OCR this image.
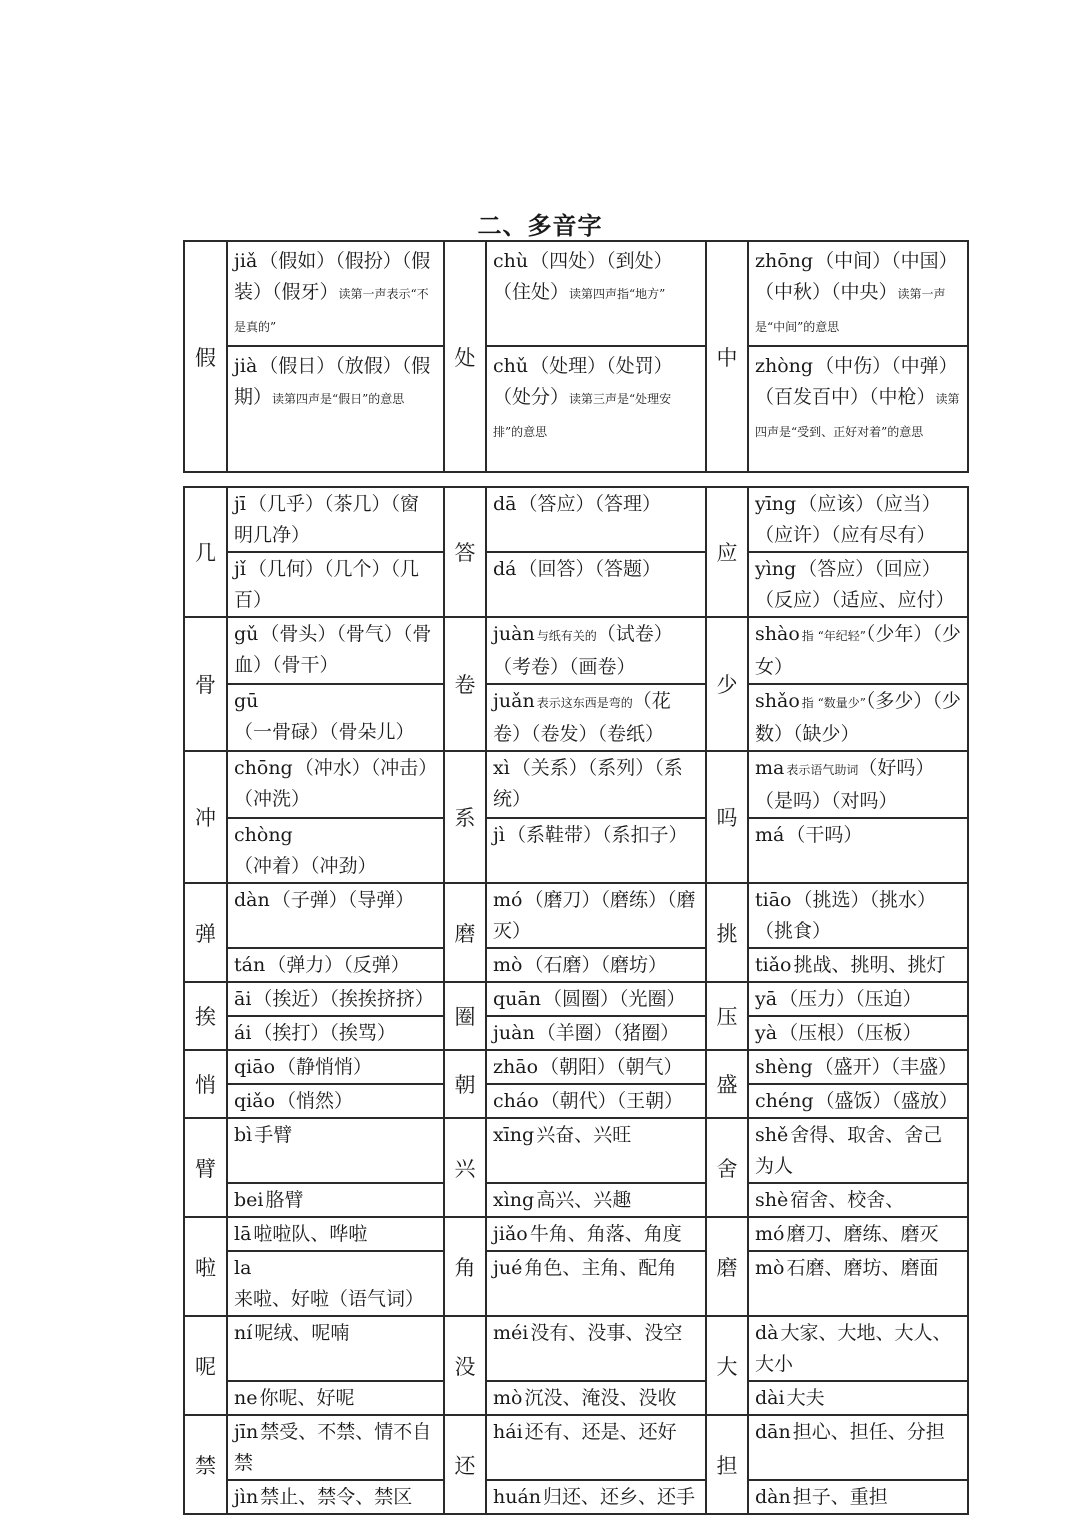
二、多音字
假	jiǎ （假如）（假扮）（假装）（假牙）读第一声表示“不是真的”	处	chù （四处）（到处）（住处）读第四声指“地方”	中	zhōng （中间）（中国）（中秋）（中央）读第一声是“中间”的意思
	jià （假日）（放假）（假期）读第四声是“假日”的意思		chǔ （处理）（处罚）（处分）读第三声是“处理安排”的意思		zhòng （中伤）（中弹）（百发百中）（中枪）读第四声是“受到、正好对着”的意思
几	jī （几乎）（茶几）（窗明几净）	答	dā （答应）（答理）	应	yīng （应该）（应当）（应许）（应有尽有）
	jǐ （几何）（几个）（几百）		dá （回答）（答题）		yìng （答应）（回应）（反应）（适应、应付）
骨	gǔ （骨头）（骨气）（骨血）（骨干）	卷	juàn 与纸有关的（试卷）（考卷）（画卷）	少	shào 指 “年纪轻”（少年）（少女）
	gū（一骨碌）（骨朵儿）		juǎn 表示这东西是弯的（花卷）（卷发）（卷纸）		shǎo 指 “数量少”（多少）（少数）（缺少）
冲	chōng （冲水）（冲击）（冲洗）	系	xì （关系）（系列）（系统）	吗	ma 表示语气助词（好吗）（是吗）（对吗）
	chòng（冲着）（冲劲）		jì （系鞋带）（系扣子）		má （干吗）
弹	dàn （子弹）（导弹）	磨	mó （磨刀）（磨练）（磨灭）	挑	tiāo （挑选）（挑水）（挑食）
	tán （弹力）（反弹）		mò （石磨）（磨坊）		tiǎo 挑战、挑明、挑灯
挨	āi （挨近）（挨挨挤挤）	圈	quān （圆圈）（光圈）	压	yā （压力）（压迫）
	ái （挨打）（挨骂）		juàn （羊圈）（猪圈）		yà （压根）（压板）
悄	qiāo （静悄悄）	朝	zhāo （朝阳）（朝气）	盛	shèng （盛开）（丰盛）
	qiǎo （悄然）		cháo （朝代）（王朝）		chéng （盛饭）（盛放）
臂	bì 手臂	兴	xīng 兴奋、兴旺	舍	shě 舍得、取舍、舍己为人
	bei 胳臂		xìng 高兴、兴趣		shè 宿舍、校舍、
啦	lā 啦啦队、哗啦	角	jiǎo 牛角、角落、角度	磨	mó 磨刀、磨练、磨灭
	la来啦、好啦（语气词）		jué 角色、主角、配角		mò 石磨、磨坊、磨面
呢	ní 呢绒、呢喃	没	méi 没有、没事、没空	大	dà 大家、大地、大人、大小
	ne 你呢、好呢		mò 沉没、淹没、没收		dài 大夫
禁	jīn 禁受、不禁、情不自禁	还	hái 还有、还是、还好	担	dān 担心、担任、分担
	jìn 禁止、禁令、禁区		huán 归还、还乡、还手		dàn 担子、重担
